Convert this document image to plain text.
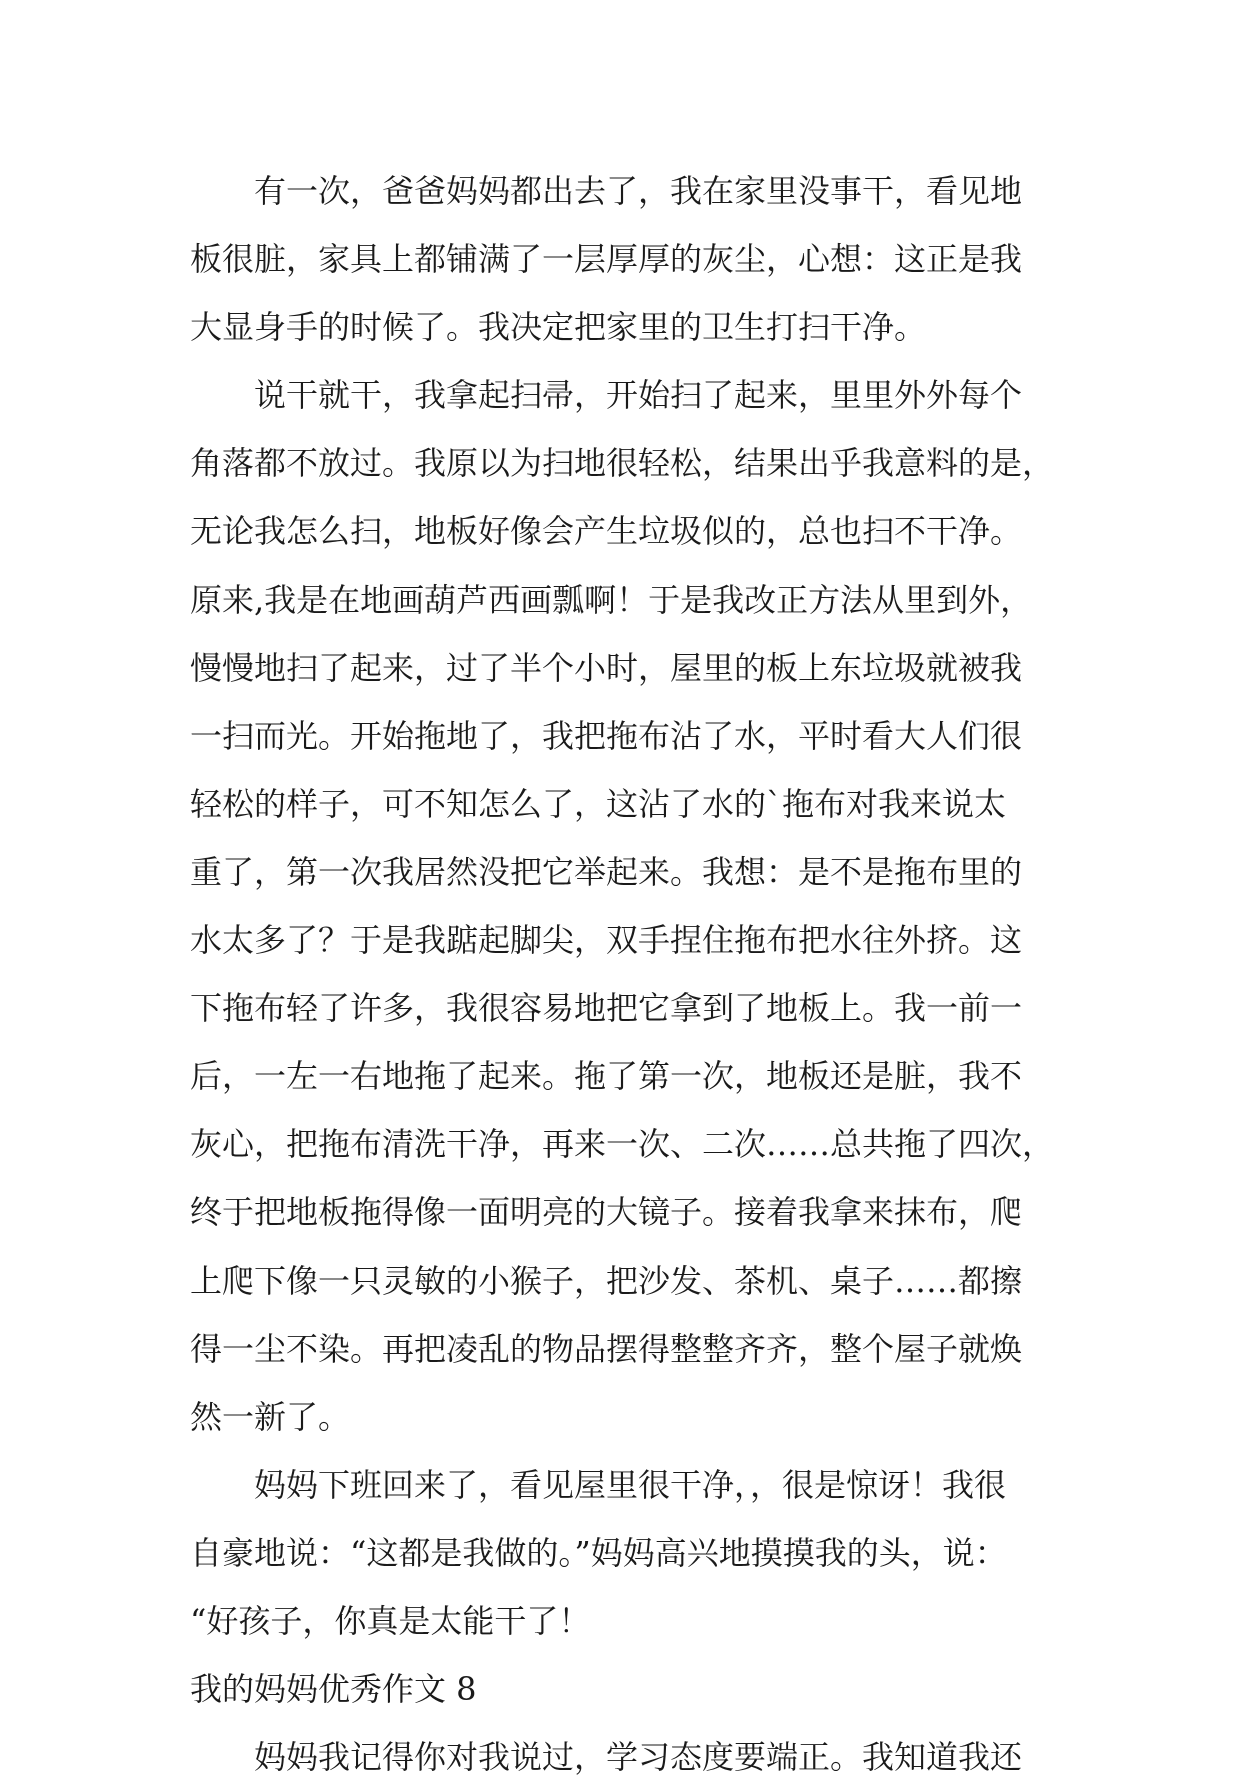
有一次，爸爸妈妈都出去了，我在家里没事干，看见地
板很脏，家具上都铺满了一层厚厚的灰尘，心想：这正是我
大显身手的时候了。我决定把家里的卫生打扫干净。
说干就干，我拿起扫帚，开始扫了起来，里里外外每个
角落都不放过。我原以为扫地很轻松，结果出乎我意料的是，
无论我怎么扫，地板好像会产生垃圾似的，总也扫不干净。
原来,我是在地画葫芦西画瓢啊！于是我改正方法从里到外，
慢慢地扫了起来，过了半个小时，屋里的板上东垃圾就被我
一扫而光。开始拖地了，我把拖布沾了水，平时看大人们很
轻松的样子，可不知怎么了，这沾了水的`拖布对我来说太
重了，第一次我居然没把它举起来。我想：是不是拖布里的
水太多了？于是我踮起脚尖，双手捏住拖布把水往外挤。这
下拖布轻了许多，我很容易地把它拿到了地板上。我一前一
后，一左一右地拖了起来。拖了第一次，地板还是脏，我不
灰心，把拖布清洗干净，再来一次、二次……总共拖了四次，
终于把地板拖得像一面明亮的大镜子。接着我拿来抹布，爬
上爬下像一只灵敏的小猴子，把沙发、茶机、桌子……都擦
得一尘不染。再把凌乱的物品摆得整整齐齐，整个屋子就焕
然一新了。
妈妈下班回来了，看见屋里很干净，，很是惊讶！我很
自豪地说：“这都是我做的。”妈妈高兴地摸摸我的头，说：
“好孩子，你真是太能干了！
我的妈妈优秀作文 8
妈妈我记得你对我说过，学习态度要端正。我知道我还
